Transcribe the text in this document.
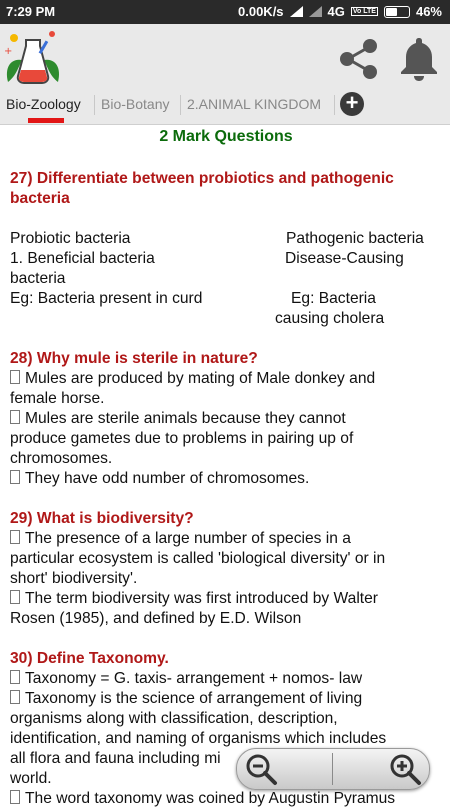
7:29 PM	0.00K/s	4G Vo LTE	46%
+
Bio-Zoology	Bio-Botany	2.ANIMAL KINGDOM +
2 Mark Questions
27) Differentiate between probiotics and pathogenic
bacteria
Probiotic bacteria	Pathogenic bacteria
1. Beneficial bacteria	Disease-Causing
bacteria
Eg: Bacteria present in curd	Eg: Bacteria
causing cholera
28) Why mule is sterile in nature?
Mules are produced by mating of Male donkey and
female horse.
Mules are sterile animals because they cannot
produce gametes due to problems in pairing up of
chromosomes.
They have odd number of chromosomes.
29) What is biodiversity?
The presence of a large number of species in a
particular ecosystem is called 'biological diversity' or in
short' biodiversity'.
The term biodiversity was first introduced by Walter
Rosen (1985), and defined by E.D. Wilson
30) Define Taxonomy.
Taxonomy = G. taxis- arrangement + nomos- law
Taxonomy is the science of arrangement of living
organisms along with classification, description,
identification, and naming of organisms which includes
all flora and fauna including mi
world.
The word taxonomy was coined by Augustin Pyramus
